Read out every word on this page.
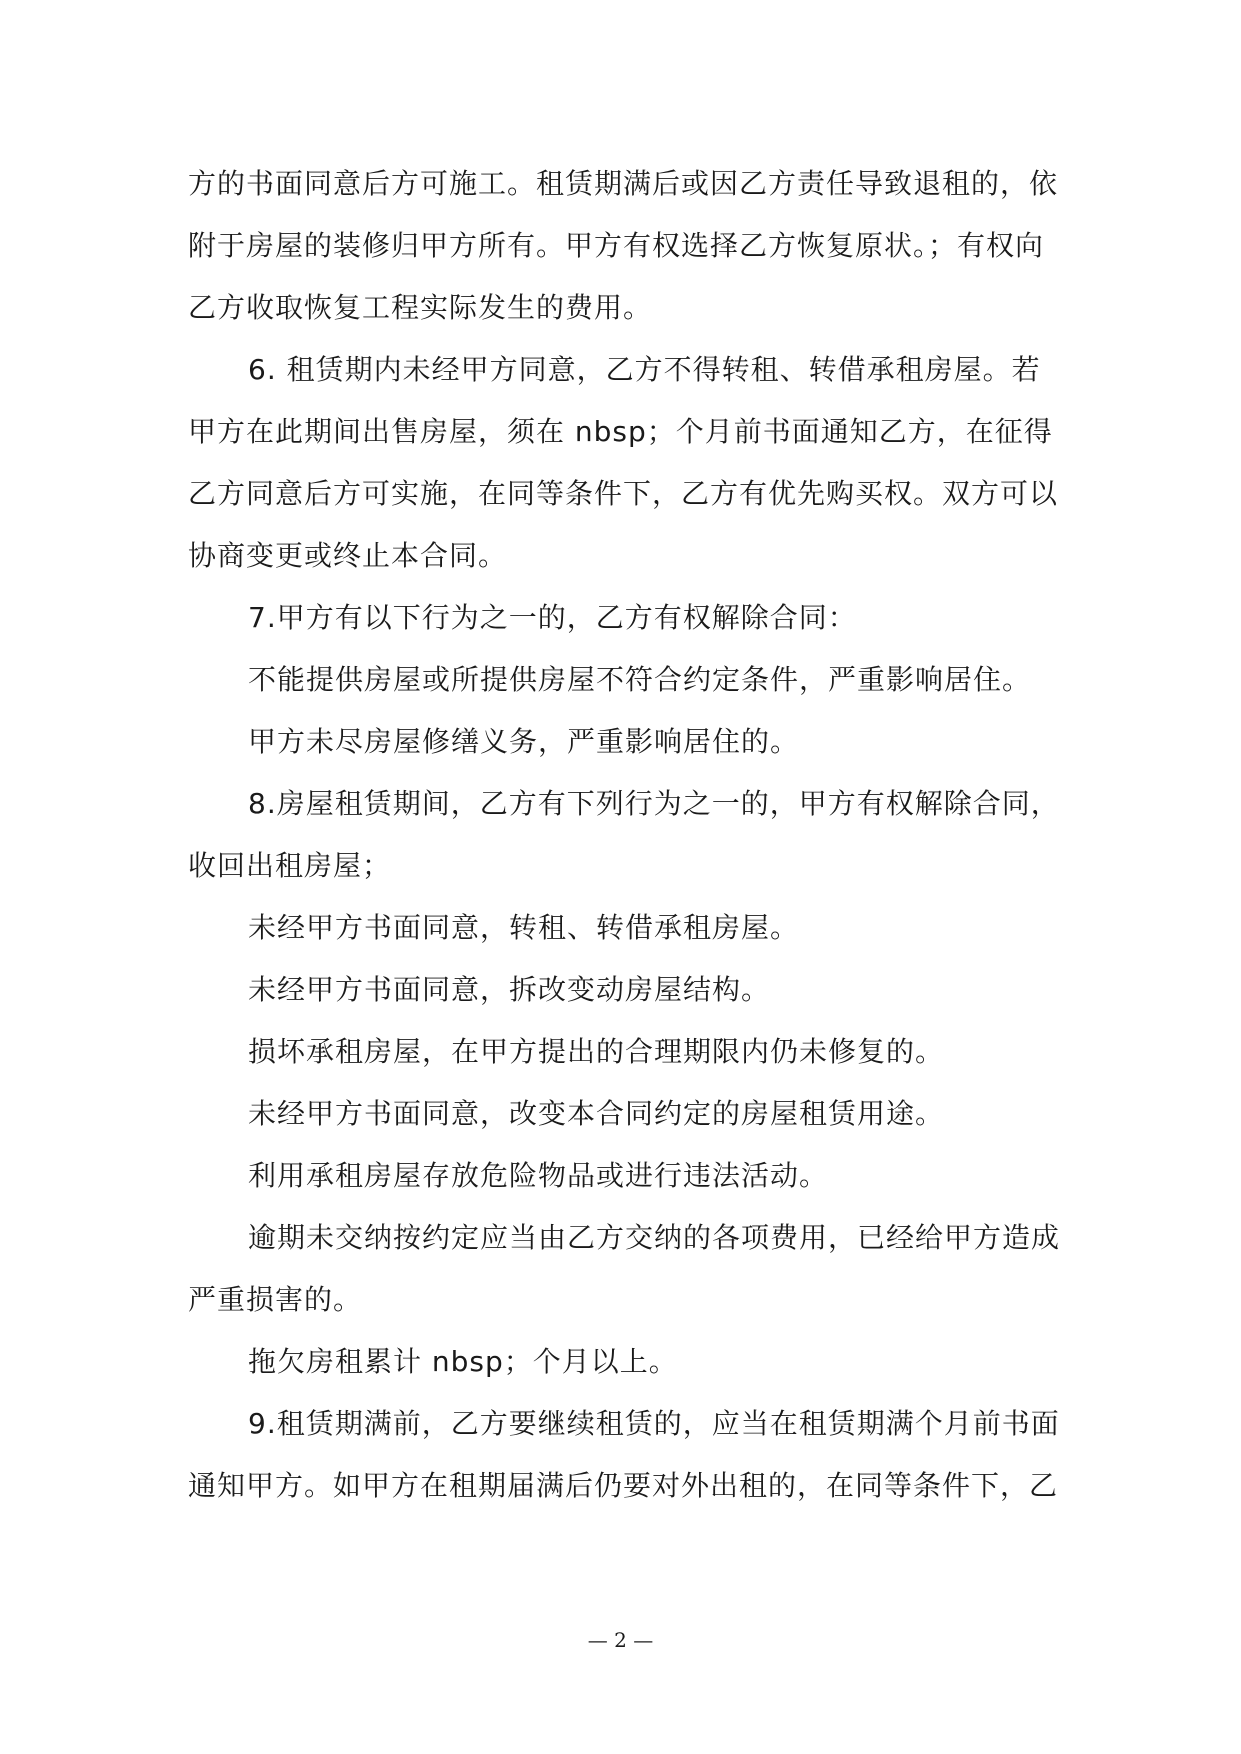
方的书面同意后方可施工。租赁期满后或因乙方责任导致退租的，依
附于房屋的装修归甲方所有。甲方有权选择乙方恢复原状。；有权向
乙方收取恢复工程实际发生的费用。
6. 租赁期内未经甲方同意，乙方不得转租、转借承租房屋。若
甲方在此期间出售房屋，须在 nbsp；个月前书面通知乙方，在征得
乙方同意后方可实施，在同等条件下，乙方有优先购买权。双方可以
协商变更或终止本合同。
7.甲方有以下行为之一的，乙方有权解除合同：
不能提供房屋或所提供房屋不符合约定条件，严重影响居住。
甲方未尽房屋修缮义务，严重影响居住的。
8.房屋租赁期间，乙方有下列行为之一的，甲方有权解除合同，
收回出租房屋；
未经甲方书面同意，转租、转借承租房屋。
未经甲方书面同意，拆改变动房屋结构。
损坏承租房屋，在甲方提出的合理期限内仍未修复的。
未经甲方书面同意，改变本合同约定的房屋租赁用途。
利用承租房屋存放危险物品或进行违法活动。
逾期未交纳按约定应当由乙方交纳的各项费用，已经给甲方造成
严重损害的。
拖欠房租累计 nbsp；个月以上。
9.租赁期满前，乙方要继续租赁的，应当在租赁期满个月前书面
通知甲方。如甲方在租期届满后仍要对外出租的，在同等条件下，乙
— 2 —
